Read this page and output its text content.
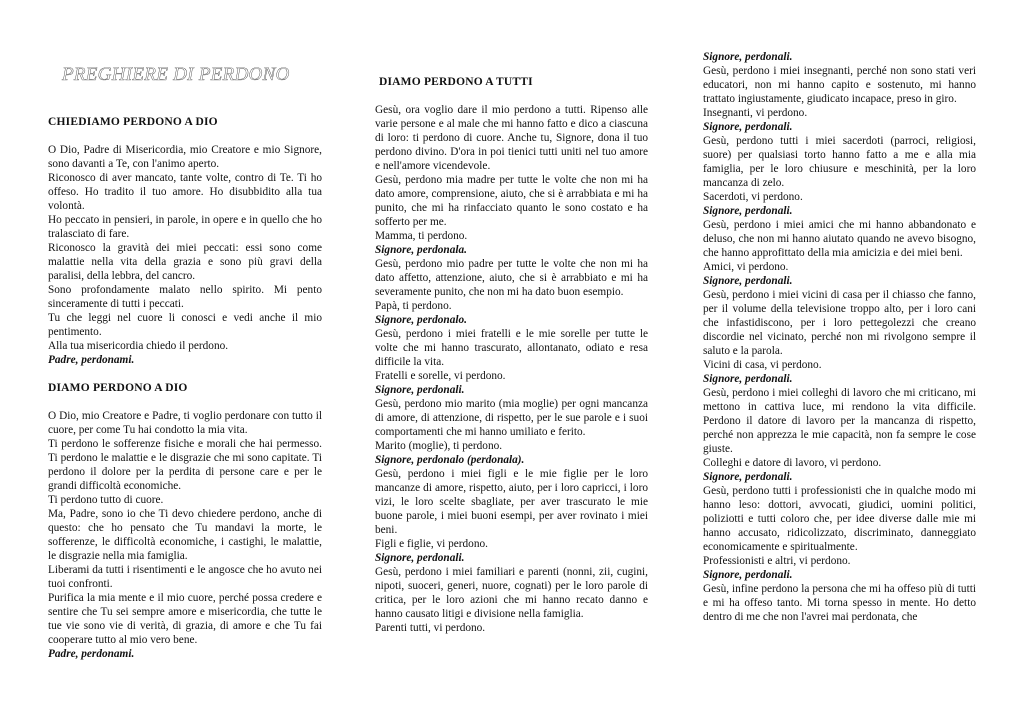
PREGHIERE DI PERDONO
CHIEDIAMO PERDONO A DIO

O Dio, Padre di Misericordia, mio Creatore e mio Signore, sono davanti a Te, con l'animo aperto.

Riconosco di aver mancato, tante volte, contro di Te. Ti ho offeso. Ho tradito il tuo amore. Ho disubbidito alla tua volontà.

Ho peccato in pensieri, in parole, in opere e in quello che ho tralasciato di fare.

Riconosco la gravità dei miei peccati: essi sono come malattie nella vita della grazia e sono più gravi della paralisi, della lebbra, del cancro.

Sono profondamente malato nello spirito. Mi pento sinceramente di tutti i peccati.

Tu che leggi nel cuore li conosci e vedi anche il mio pentimento.

Alla tua misericordia chiedo il perdono.

Padre, perdonami.

DIAMO PERDONO A DIO

O Dio, mio Creatore e Padre, ti voglio perdonare con tutto il cuore, per come Tu hai condotto la mia vita.

Ti perdono le sofferenze fisiche e morali che hai permesso. Ti perdono le malattie e le disgrazie che mi sono capitate. Ti perdono il dolore per la perdita di persone care e per le grandi difficoltà economiche.

Ti perdono tutto di cuore.

Ma, Padre, sono io che Ti devo chiedere perdono, anche di questo: che ho pensato che Tu mandavi la morte, le sofferenze, le difficoltà economiche, i castighi, le malattie, le disgrazie nella mia famiglia.

Liberami da tutti i risentimenti e le angosce che ho avuto nei tuoi confronti.

Purifica la mia mente e il mio cuore, perché possa credere e sentire che Tu sei sempre amore e misericordia, che tutte le tue vie sono vie di verità, di grazia, di amore e che Tu fai cooperare tutto al mio vero bene.

Padre, perdonami.

DIAMO PERDONO A TUTTI

Gesù, ora voglio dare il mio perdono a tutti. Ripenso alle varie persone e al male che mi hanno fatto e dico a ciascuna di loro: ti perdono di cuore. Anche tu, Signore, dona il tuo perdono divino. D'ora in poi tienici tutti uniti nel tuo amore e nell'amore vicendevole.

Gesù, perdono mia madre per tutte le volte che non mi ha dato amore, comprensione, aiuto, che si è arrabbiata e mi ha punito, che mi ha rinfacciato quanto le sono costato e ha sofferto per me.

Mamma, ti perdono.

Signore, perdonala.

Gesù, perdono mio padre per tutte le volte che non mi ha dato affetto, attenzione, aiuto, che si è arrabbiato e mi ha severamente punito, che non mi ha dato buon esempio.

Papà, ti perdono.

Signore, perdonalo.

Gesù, perdono i miei fratelli e le mie sorelle per tutte le volte che mi hanno trascurato, allontanato, odiato e resa difficile la vita.

Fratelli e sorelle, vi perdono.

Signore, perdonali.

Gesù, perdono mio marito (mia moglie) per ogni mancanza di amore, di attenzione, di rispetto, per le sue parole e i suoi comportamenti che mi hanno umiliato e ferito.

Marito (moglie), ti perdono.

Signore, perdonalo (perdonala).

Gesù, perdono i miei figli e le mie figlie per le loro mancanze di amore, rispetto, aiuto, per i loro capricci, i loro vizi, le loro scelte sbagliate, per aver trascurato le mie buone parole, i miei buoni esempi, per aver rovinato i miei beni.

Figli e figlie, vi perdono.

Signore, perdonali.

Gesù, perdono i miei familiari e parenti (nonni, zii, cugini, nipoti, suoceri, generi, nuore, cognati) per le loro parole di critica, per le loro azioni che mi hanno recato danno e hanno causato litigi e divisione nella famiglia.

Parenti tutti, vi perdono.

Signore, perdonali.

Gesù, perdono i miei insegnanti, perché non sono stati veri educatori, non mi hanno capito e sostenuto, mi hanno trattato ingiustamente, giudicato incapace, preso in giro.

Insegnanti, vi perdono.

Signore, perdonali.

Gesù, perdono tutti i miei sacerdoti (parroci, religiosi, suore) per qualsiasi torto hanno fatto a me e alla mia famiglia, per le loro chiusure e meschinità, per la loro mancanza di zelo.

Sacerdoti, vi perdono.

Signore, perdonali.

Gesù, perdono i miei amici che mi hanno abbandonato e deluso, che non mi hanno aiutato quando ne avevo bisogno, che hanno approfittato della mia amicizia e dei miei beni.

Amici, vi perdono.

Signore, perdonali.

Gesù, perdono i miei vicini di casa per il chiasso che fanno, per il volume della televisione troppo alto, per i loro cani che infastidiscono, per i loro pettegolezzi che creano discordie nel vicinato, perché non mi rivolgono sempre il saluto e la parola.

Vicini di casa, vi perdono.

Signore, perdonali.

Gesù, perdono i miei colleghi di lavoro che mi criticano, mi mettono in cattiva luce, mi rendono la vita difficile. Perdono il datore di lavoro per la mancanza di rispetto, perché non apprezza le mie capacità, non fa sempre le cose giuste.

Colleghi e datore di lavoro, vi perdono.

Signore, perdonali.

Gesù, perdono tutti i professionisti che in qualche modo mi hanno leso: dottori, avvocati, giudici, uomini politici, poliziotti e tutti coloro che, per idee diverse dalle mie mi hanno accusato, ridicolizzato, discriminato, danneggiato economicamente e spiritualmente.

Professionisti e altri, vi perdono.

Signore, perdonali.

Gesù, infine perdono la persona che mi ha offeso più di tutti e mi ha offeso tanto. Mi torna spesso in mente. Ho detto dentro di me che non l'avrei mai perdonata, che
